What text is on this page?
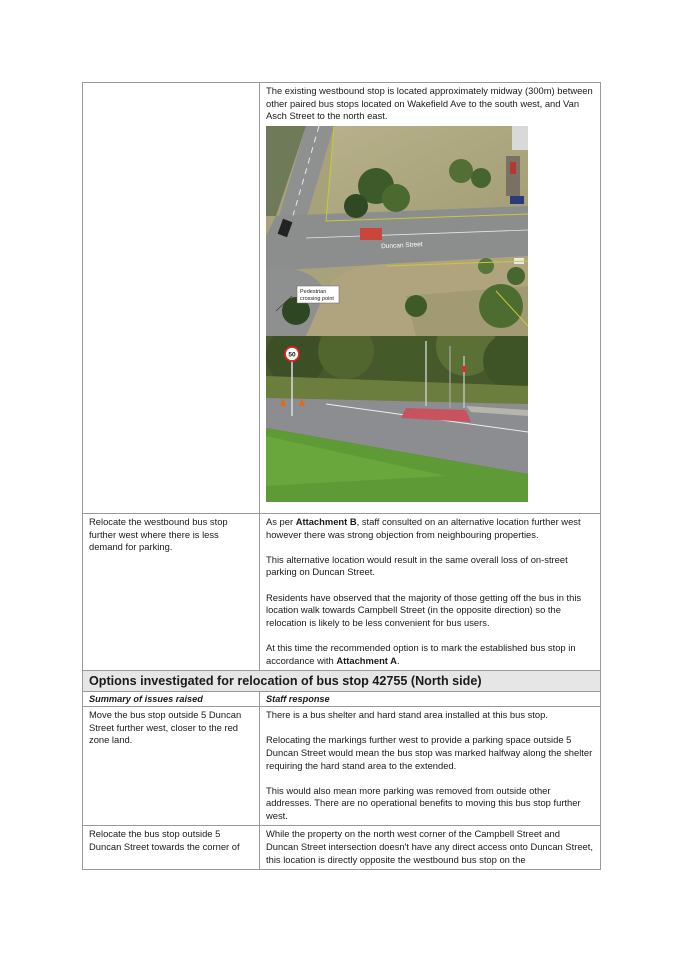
	The existing westbound stop is located approximately midway (300m) between other paired bus stops located on Wakefield Ave to the south west, and Van Asch Street to the north east.
Duncan Street
Pedestrian
crossing point
50

Relocate the westbound bus stop further west where there is less demand for parking.	As per Attachment B, staff consulted on an alternative location further west however there was strong objection from neighbouring properties.

This alternative location would result in the same overall loss of on-street parking on Duncan Street.

Residents have observed that the majority of those getting off the bus in this location walk towards Campbell Street (in the opposite direction) so the relocation is likely to be less convenient for bus users.

At this time the recommended option is to mark the established bus stop in accordance with Attachment A.

Options investigated for relocation of bus stop 42755 (North side)	

Summary of issues raised	Staff response

Move the bus stop outside 5 Duncan Street further west, closer to the red zone land.	There is a bus shelter and hard stand area installed at this bus stop.

Relocating the markings further west to provide a parking space outside 5 Duncan Street would mean the bus stop was marked halfway along the shelter requiring the hard stand area to the extended.

This would also mean more parking was removed from outside other addresses. There are no operational benefits to moving this bus stop further west.

Relocate the bus stop outside 5 Duncan Street towards the corner of	While the property on the north west corner of the Campbell Street and Duncan Street intersection doesn't have any direct access onto Duncan Street, this location is directly opposite the westbound bus stop on the
